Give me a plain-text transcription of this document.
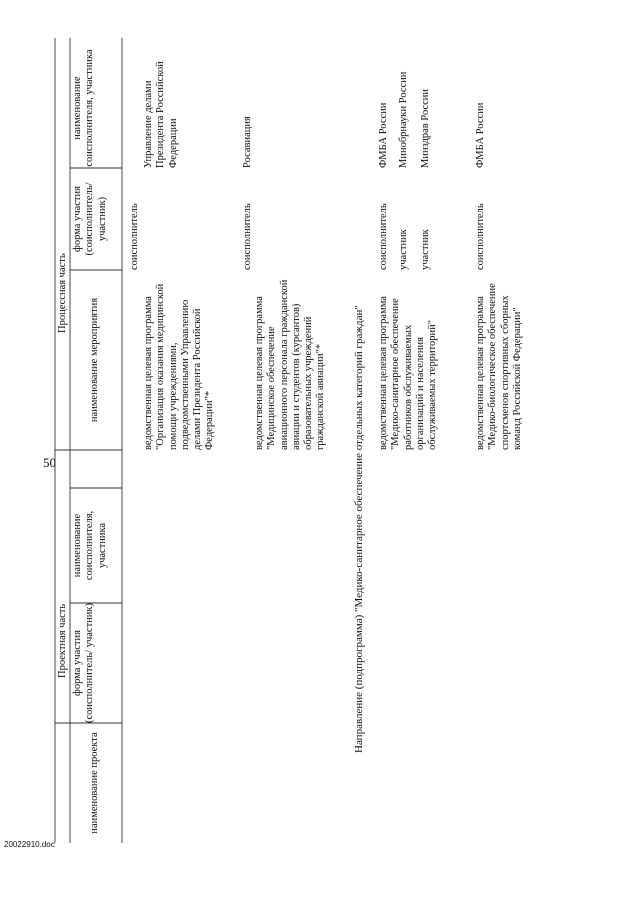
50
20022910.doc
Проектная часть
Процессная часть
наименование проекта
форма участия (соисполнитель/ участник)
наименование соисполнителя, участника
наименование мероприятия
форма участия (соисполнитель/ участник)
наименование соисполнителя, участника
ведомственная целевая программа "Организация оказания медицинской помощи учреждениями, подведомственными Управлению делами Президента Российской Федерации"*
соисполнитель
Управление делами Президента Российской Федерации
ведомственная целевая программа "Медицинское обеспечение авиационного персонала гражданской авиации и студентов (курсантов) образовательных учреждений гражданской авиации"*
соисполнитель
Росавиация
Направление (подпрограмма) "Медико-санитарное обеспечение отдельных категорий граждан" ведомственная целевая программа "Медико-санитарное обеспечение работников обслуживаемых организаций и населения обслуживаемых территорий"
соисполнитель
ФМБА России
участник
Минобрнауки России
участник
Минздрав России
ведомственная целевая программа "Медико-биологическое обеспечение спортсменов спортивных сборных команд Российской Федерации"
соисполнитель
ФМБА России
